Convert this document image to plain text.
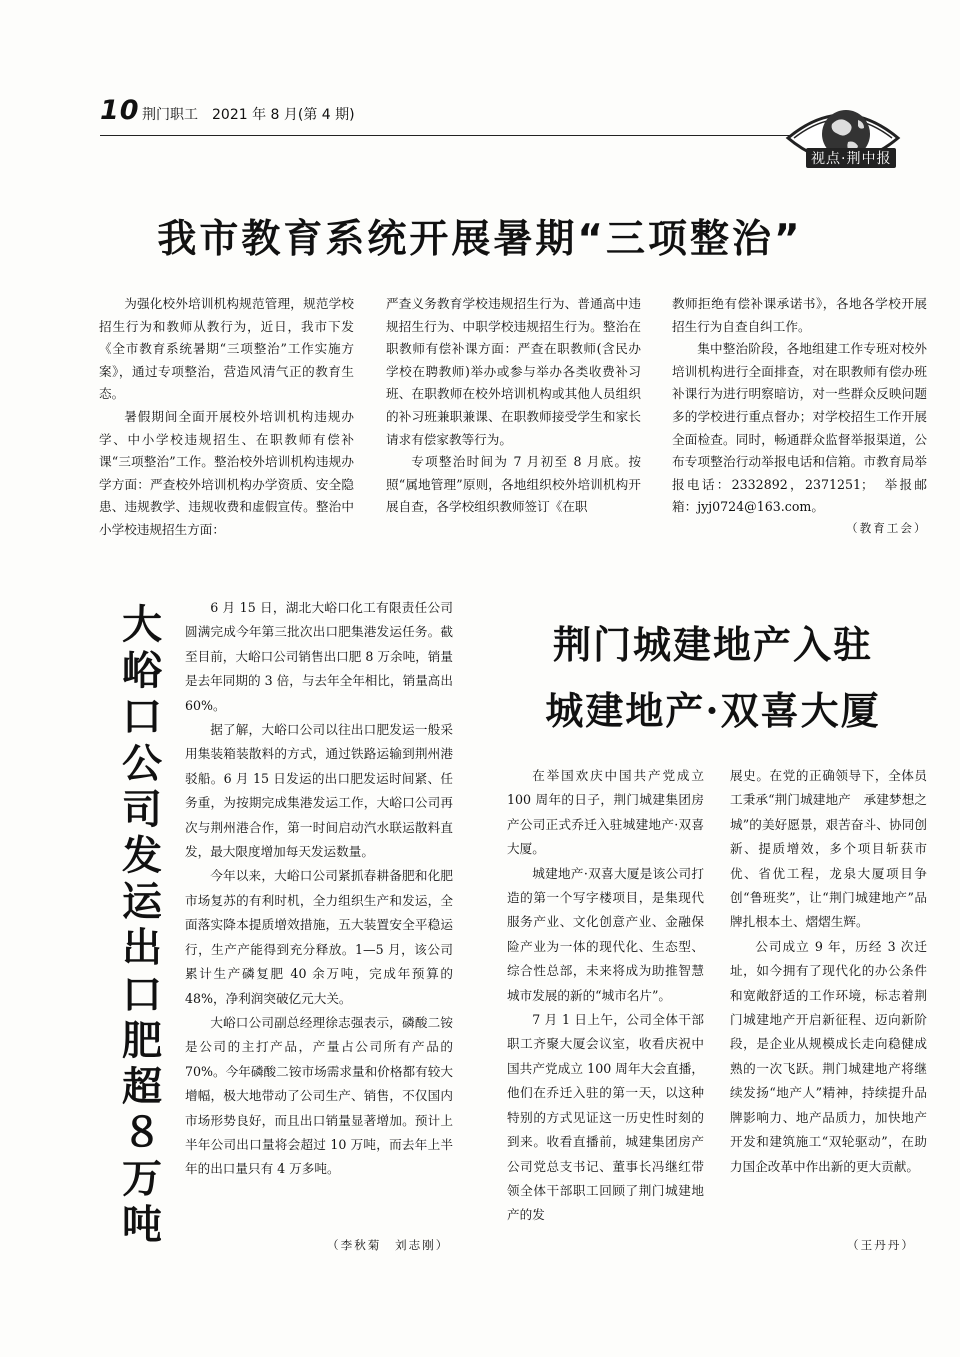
10 荆门职工　2021 年 8 月(第 4 期)
视点·荆中报
我市教育系统开展暑期“三项整治”

为强化校外培训机构规范管理，规范学校招生行为和教师从教行为，近日，我市下发《全市教育系统暑期“三项整治”工作实施方案》，通过专项整治，营造风清气正的教育生态。

暑假期间全面开展校外培训机构违规办学、中小学校违规招生、在职教师有偿补课“三项整治”工作。整治校外培训机构违规办学方面：严查校外培训机构办学资质、安全隐患、违规教学、违规收费和虚假宣传。整治中小学校违规招生方面：

严查义务教育学校违规招生行为、普通高中违规招生行为、中职学校违规招生行为。整治在职教师有偿补课方面：严查在职教师(含民办学校在聘教师)举办或参与举办各类收费补习班、在职教师在校外培训机构或其他人员组织的补习班兼职兼课、在职教师接受学生和家长请求有偿家教等行为。

专项整治时间为 7 月初至 8 月底。按照“属地管理”原则，各地组织校外培训机构开展自查，各学校组织教师签订《在职

教师拒绝有偿补课承诺书》，各地各学校开展招生行为自查自纠工作。

集中整治阶段，各地组建工作专班对校外培训机构进行全面排查，对在职教师有偿办班补课行为进行明察暗访，对一些群众反映问题多的学校进行重点督办；对学校招生工作开展全面检查。同时，畅通群众监督举报渠道，公布专项整治行动举报电话和信箱。市教育局举报电话：2332892，2371251；　举报邮箱：jyj0724@163.com。

（教育工会）
大
峪
口
公
司
发
运
出
口
肥
超
８
万
吨

6 月 15 日，湖北大峪口化工有限责任公司圆满完成今年第三批次出口肥集港发运任务。截至目前，大峪口公司销售出口肥 8 万余吨，销量是去年同期的 3 倍，与去年全年相比，销量高出 60%。

据了解，大峪口公司以往出口肥发运一般采用集装箱装散料的方式，通过铁路运输到荆州港驳船。6 月 15 日发运的出口肥发运时间紧、任务重，为按期完成集港发运工作，大峪口公司再次与荆州港合作，第一时间启动汽水联运散料直发，最大限度增加每天发运数量。

今年以来，大峪口公司紧抓春耕备肥和化肥市场复苏的有利时机，全力组织生产和发运，全面落实降本提质增效措施，五大装置安全平稳运行，生产产能得到充分释放。1—5 月，该公司累计生产磷复肥 40 余万吨，完成年预算的 48%，净利润突破亿元大关。

大峪口公司副总经理徐志强表示，磷酸二铵是公司的主打产品，产量占公司所有产品的 70%。今年磷酸二铵市场需求量和价格都有较大增幅，极大地带动了公司生产、销售，不仅国内市场形势良好，而且出口销量显著增加。预计上半年公司出口量将会超过 10 万吨，而去年上半年的出口量只有 4 万多吨。

（李秋菊　刘志刚）
荆门城建地产入驻
城建地产·双喜大厦

在举国欢庆中国共产党成立 100 周年的日子，荆门城建集团房产公司正式乔迁入驻城建地产·双喜大厦。

城建地产·双喜大厦是该公司打造的第一个写字楼项目，是集现代服务产业、文化创意产业、金融保险产业为一体的现代化、生态型、综合性总部，未来将成为助推智慧城市发展的新的“城市名片”。

7 月 1 日上午，公司全体干部职工齐聚大厦会议室，收看庆祝中国共产党成立 100 周年大会直播，他们在乔迁入驻的第一天，以这种特别的方式见证这一历史性时刻的到来。收看直播前，城建集团房产公司党总支书记、董事长冯继红带领全体干部职工回顾了荆门城建地产的发

展史。在党的正确领导下，全体员工秉承“荆门城建地产　承建梦想之城”的美好愿景，艰苦奋斗、协同创新、提质增效，多个项目斩获市优、省优工程，龙泉大厦项目争创“鲁班奖”，让“荆门城建地产”品牌扎根本土、熠熠生辉。

公司成立 9 年，历经 3 次迁址，如今拥有了现代化的办公条件和宽敞舒适的工作环境，标志着荆门城建地产开启新征程、迈向新阶段，是企业从规模成长走向稳健成熟的一次飞跃。荆门城建地产将继续发扬“地产人”精神，持续提升品牌影响力、地产品质力，加快地产开发和建筑施工“双轮驱动”，在助力国企改革中作出新的更大贡献。

（王丹丹）
